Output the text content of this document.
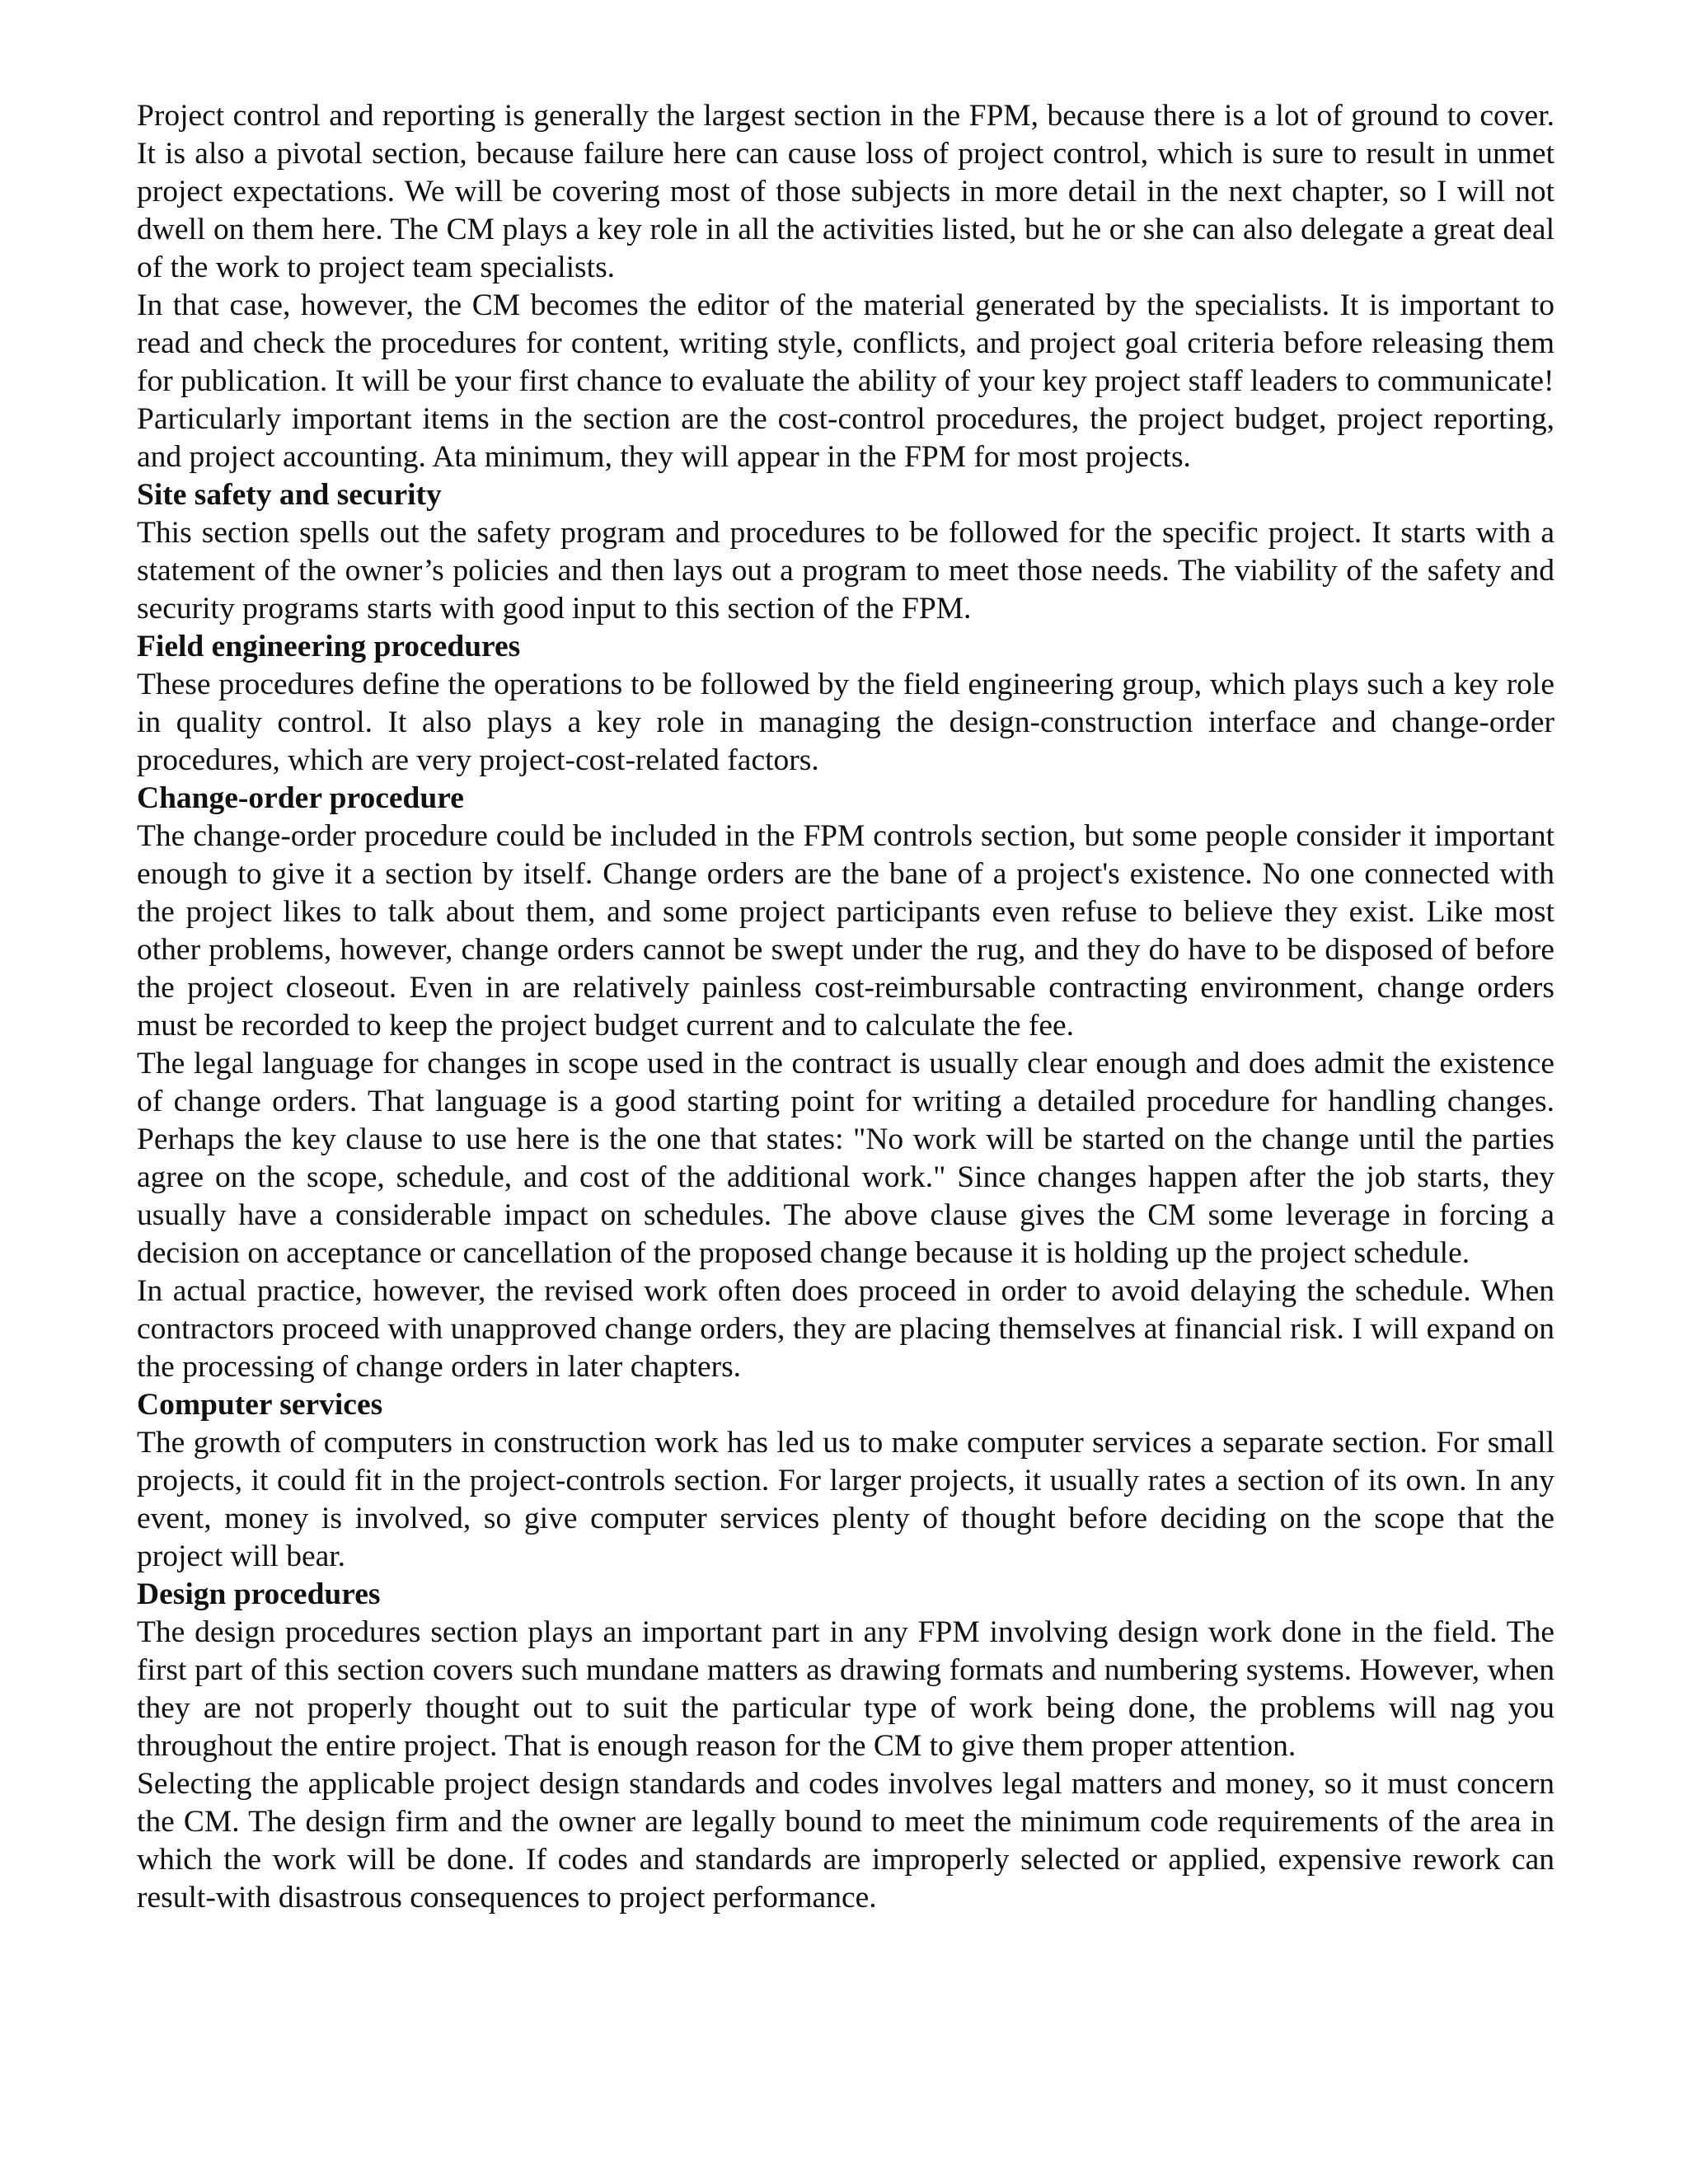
Project control and reporting is generally the largest section in the FPM, because there is a lot of ground to cover. It is also a pivotal section, because failure here can cause loss of project control, which is sure to result in unmet project expectations. We will be covering most of those subjects in more detail in the next chapter, so I will not dwell on them here. The CM plays a key role in all the activities listed, but he or she can also delegate a great deal of the work to project team specialists.

In that case, however, the CM becomes the editor of the material generated by the specialists. It is important to read and check the procedures for content, writing style, conflicts, and project goal criteria before releasing them for publication. It will be your first chance to evaluate the ability of your key project staff leaders to communicate!

Particularly important items in the section are the cost-control procedures, the project budget, project reporting, and project accounting. Ata minimum, they will appear in the FPM for most projects.

Site safety and security

This section spells out the safety program and procedures to be followed for the specific project. It starts with a statement of the owner’s policies and then lays out a program to meet those needs. The viability of the safety and security programs starts with good input to this section of the FPM.

Field engineering procedures

These procedures define the operations to be followed by the field engineering group, which plays such a key role in quality control. It also plays a key role in managing the design-construction interface and change-order procedures, which are very project-cost-related factors.

Change-order procedure

The change-order procedure could be included in the FPM controls section, but some people consider it important enough to give it a section by itself. Change orders are the bane of a project's existence. No one connected with the project likes to talk about them, and some project participants even refuse to believe they exist. Like most other problems, however, change orders cannot be swept under the rug, and they do have to be disposed of before the project closeout. Even in are relatively painless cost-reimbursable contracting environment, change orders must be recorded to keep the project budget current and to calculate the fee.

The legal language for changes in scope used in the contract is usually clear enough and does admit the existence of change orders. That language is a good starting point for writing a detailed procedure for handling changes. Perhaps the key clause to use here is the one that states: "No work will be started on the change until the parties agree on the scope, schedule, and cost of the additional work." Since changes happen after the job starts, they usually have a considerable impact on schedules. The above clause gives the CM some leverage in forcing a decision on acceptance or cancellation of the proposed change because it is holding up the project schedule.

In actual practice, however, the revised work often does proceed in order to avoid delaying the schedule. When contractors proceed with unapproved change orders, they are placing themselves at financial risk. I will expand on the processing of change orders in later chapters.

Computer services

The growth of computers in construction work has led us to make computer services a separate section. For small projects, it could fit in the project-controls section. For larger projects, it usually rates a section of its own. In any event, money is involved, so give computer services plenty of thought before deciding on the scope that the project will bear.

Design procedures

The design procedures section plays an important part in any FPM involving design work done in the field. The first part of this section covers such mundane matters as drawing formats and numbering systems. However, when they are not properly thought out to suit the particular type of work being done, the problems will nag you throughout the entire project. That is enough reason for the CM to give them proper attention.

Selecting the applicable project design standards and codes involves legal matters and money, so it must concern the CM. The design firm and the owner are legally bound to meet the minimum code requirements of the area in which the work will be done. If codes and standards are improperly selected or applied, expensive rework can result-with disastrous consequences to project performance.
